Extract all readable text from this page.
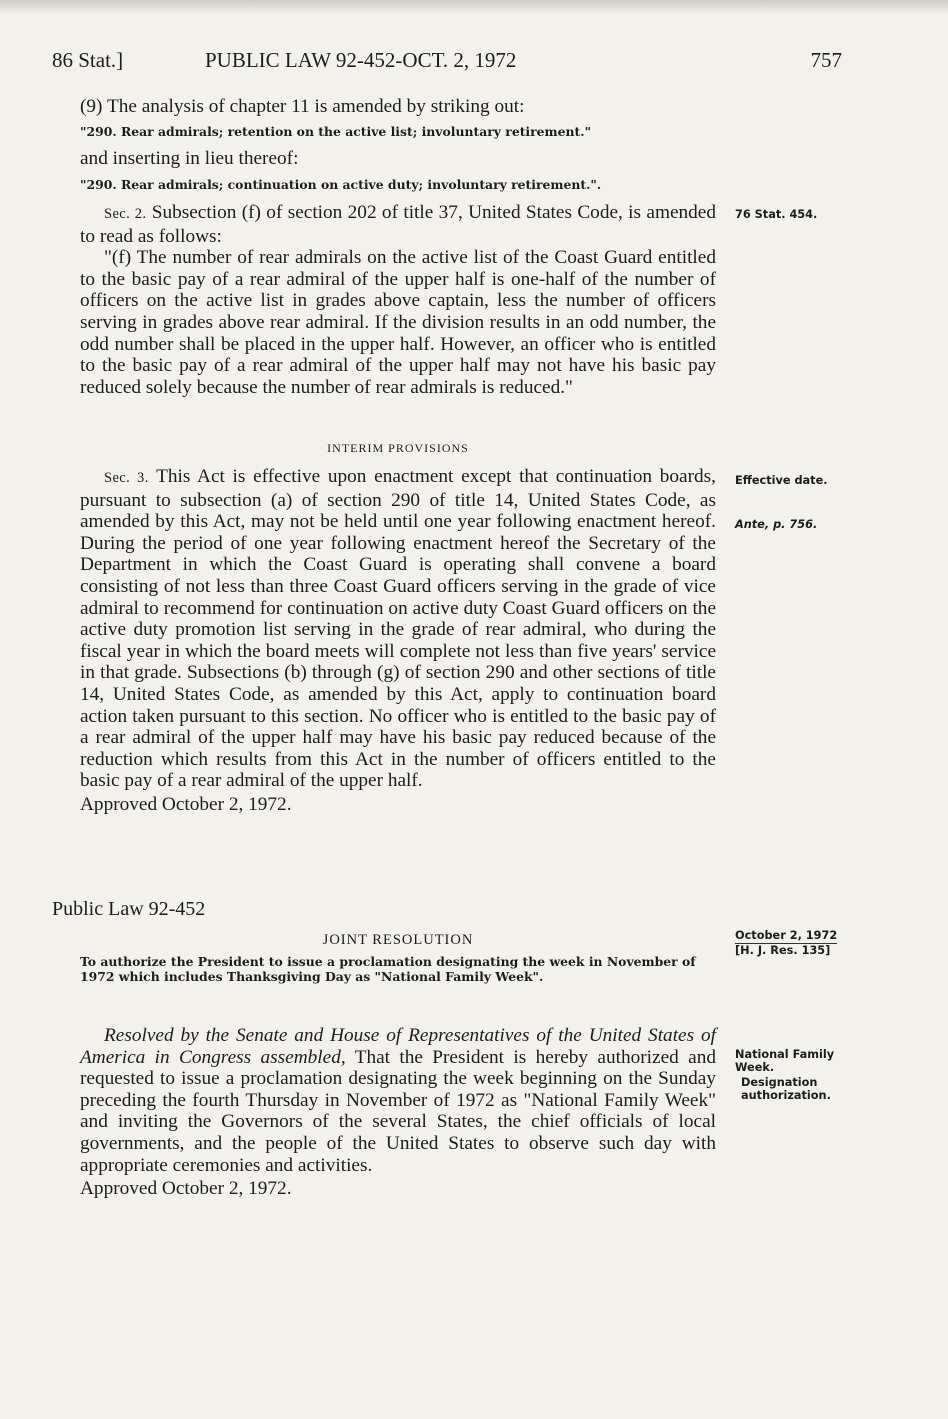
86 Stat.]	PUBLIC LAW 92-452-OCT. 2, 1972	757

(9) The analysis of chapter 11 is amended by striking out:

"290. Rear admirals; retention on the active list; involuntary retirement."
and inserting in lieu thereof:
"290. Rear admirals; continuation on active duty; involuntary retirement.".

Sec. 2. Subsection (f) of section 202 of title 37, United States Code, is amended to read as follows:

"(f) The number of rear admirals on the active list of the Coast Guard entitled to the basic pay of a rear admiral of the upper half is one-half of the number of officers on the active list in grades above captain, less the number of officers serving in grades above rear admiral. If the division results in an odd number, the odd number shall be placed in the upper half. However, an officer who is entitled to the basic pay of a rear admiral of the upper half may not have his basic pay reduced solely because the number of rear admirals is reduced."

76 Stat. 454.
INTERIM PROVISIONS

Sec. 3. This Act is effective upon enactment except that continuation boards, pursuant to subsection (a) of section 290 of title 14, United States Code, as amended by this Act, may not be held until one year following enactment hereof. During the period of one year following enactment hereof the Secretary of the Department in which the Coast Guard is operating shall convene a board consisting of not less than three Coast Guard officers serving in the grade of vice admiral to recommend for continuation on active duty Coast Guard officers on the active duty promotion list serving in the grade of rear admiral, who during the fiscal year in which the board meets will complete not less than five years' service in that grade. Subsections (b) through (g) of section 290 and other sections of title 14, United States Code, as amended by this Act, apply to continuation board action taken pursuant to this section. No officer who is entitled to the basic pay of a rear admiral of the upper half may have his basic pay reduced because of the reduction which results from this Act in the number of officers entitled to the basic pay of a rear admiral of the upper half.

Approved October 2, 1972.

Effective date.
Ante, p. 756.
Public Law 92-452
JOINT RESOLUTION	October 2, 1972
[H. J. Res. 135]
To authorize the President to issue a proclamation designating the week in November of 1972 which includes Thanksgiving Day as "National Family Week".

Resolved by the Senate and House of Representatives of the United States of America in Congress assembled, That the President is hereby authorized and requested to issue a proclamation designating the week beginning on the Sunday preceding the fourth Thursday in November of 1972 as "National Family Week" and inviting the Governors of the several States, the chief officials of local governments, and the people of the United States to observe such day with appropriate ceremonies and activities.

Approved October 2, 1972.

National Family Week.
Designation authorization.
